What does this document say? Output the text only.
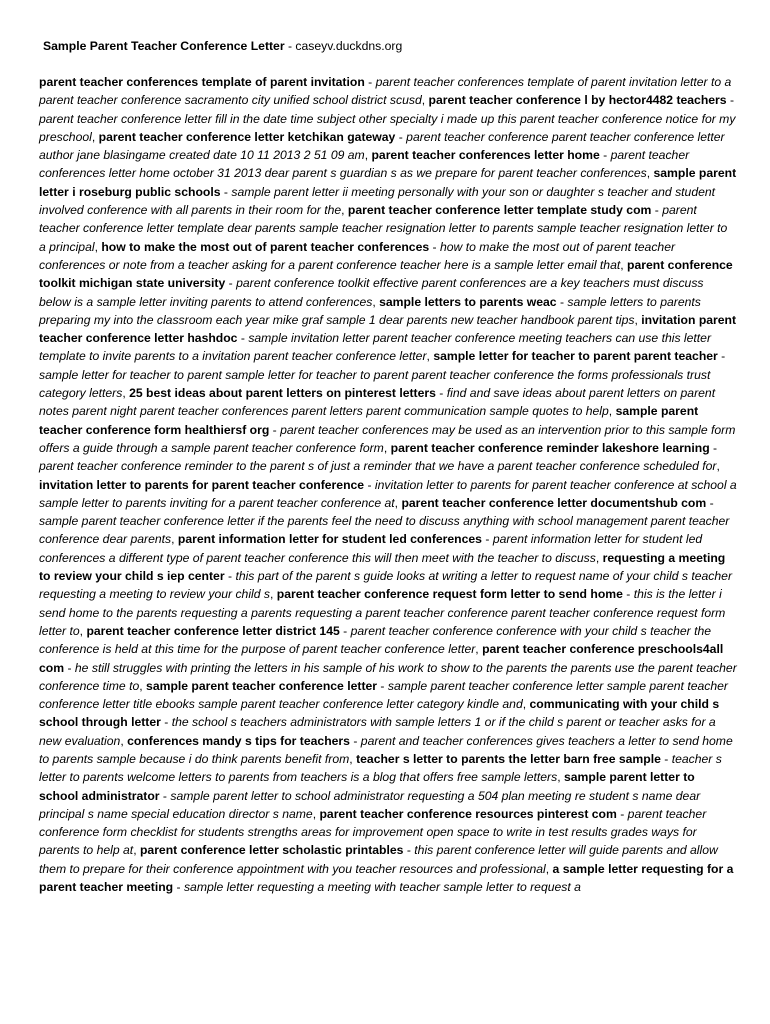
Sample Parent Teacher Conference Letter - caseyv.duckdns.org
parent teacher conferences template of parent invitation - parent teacher conferences template of parent invitation letter to a parent teacher conference sacramento city unified school district scusd, parent teacher conference l by hector4482 teachers - parent teacher conference letter fill in the date time subject other specialty i made up this parent teacher conference notice for my preschool, parent teacher conference letter ketchikan gateway - parent teacher conference parent teacher conference letter author jane blasingame created date 10 11 2013 2 51 09 am, parent teacher conferences letter home - parent teacher conferences letter home october 31 2013 dear parent s guardian s as we prepare for parent teacher conferences, sample parent letter i roseburg public schools - sample parent letter ii meeting personally with your son or daughter s teacher and student involved conference with all parents in their room for the, parent teacher conference letter template study com - parent teacher conference letter template dear parents sample teacher resignation letter to parents sample teacher resignation letter to a principal, how to make the most out of parent teacher conferences - how to make the most out of parent teacher conferences or note from a teacher asking for a parent conference teacher here is a sample letter email that, parent conference toolkit michigan state university - parent conference toolkit effective parent conferences are a key teachers must discuss below is a sample letter inviting parents to attend conferences, sample letters to parents weac - sample letters to parents preparing my into the classroom each year mike graf sample 1 dear parents new teacher handbook parent tips, invitation parent teacher conference letter hashdoc - sample invitation letter parent teacher conference meeting teachers can use this letter template to invite parents to a invitation parent teacher conference letter, sample letter for teacher to parent parent teacher - sample letter for teacher to parent sample letter for teacher to parent parent teacher conference the forms professionals trust category letters, 25 best ideas about parent letters on pinterest letters - find and save ideas about parent letters on parent notes parent night parent teacher conferences parent letters parent communication sample quotes to help, sample parent teacher conference form healthiersf org - parent teacher conferences may be used as an intervention prior to this sample form offers a guide through a sample parent teacher conference form, parent teacher conference reminder lakeshore learning - parent teacher conference reminder to the parent s of just a reminder that we have a parent teacher conference scheduled for, invitation letter to parents for parent teacher conference - invitation letter to parents for parent teacher conference at school a sample letter to parents inviting for a parent teacher conference at, parent teacher conference letter documentshub com - sample parent teacher conference letter if the parents feel the need to discuss anything with school management parent teacher conference dear parents, parent information letter for student led conferences - parent information letter for student led conferences a different type of parent teacher conference this will then meet with the teacher to discuss, requesting a meeting to review your child s iep center - this part of the parent s guide looks at writing a letter to request name of your child s teacher requesting a meeting to review your child s, parent teacher conference request form letter to send home - this is the letter i send home to the parents requesting a parents requesting a parent teacher conference parent teacher conference request form letter to, parent teacher conference letter district 145 - parent teacher conference conference with your child s teacher the conference is held at this time for the purpose of parent teacher conference letter, parent teacher conference preschools4all com - he still struggles with printing the letters in his sample of his work to show to the parents the parents use the parent teacher conference time to, sample parent teacher conference letter - sample parent teacher conference letter sample parent teacher conference letter title ebooks sample parent teacher conference letter category kindle and, communicating with your child s school through letter - the school s teachers administrators with sample letters 1 or if the child s parent or teacher asks for a new evaluation, conferences mandy s tips for teachers - parent and teacher conferences gives teachers a letter to send home to parents sample because i do think parents benefit from, teacher s letter to parents the letter barn free sample - teacher s letter to parents welcome letters to parents from teachers is a blog that offers free sample letters, sample parent letter to school administrator - sample parent letter to school administrator requesting a 504 plan meeting re student s name dear principal s name special education director s name, parent teacher conference resources pinterest com - parent teacher conference form checklist for students strengths areas for improvement open space to write in test results grades ways for parents to help at, parent conference letter scholastic printables - this parent conference letter will guide parents and allow them to prepare for their conference appointment with you teacher resources and professional, a sample letter requesting for a parent teacher meeting - sample letter requesting a meeting with teacher sample letter to request a
